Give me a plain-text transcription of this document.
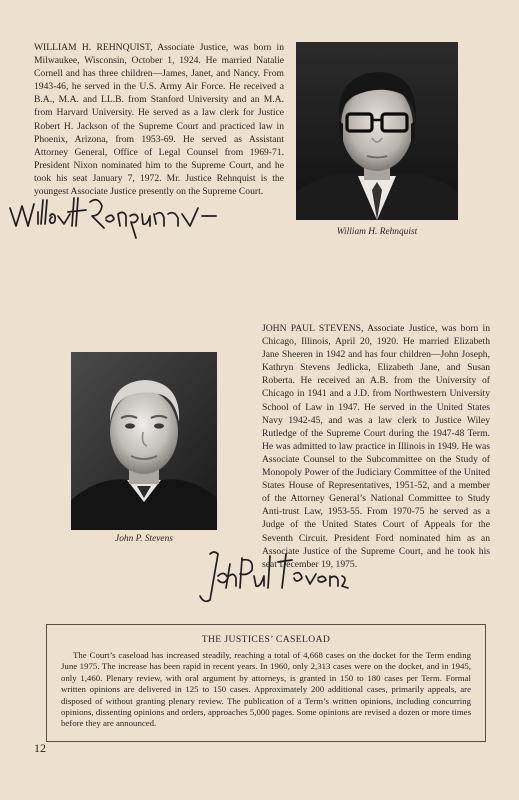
WILLIAM H. REHNQUIST, Associate Justice, was born in Milwaukee, Wisconsin, October 1, 1924. He married Natalie Cornell and has three children—James, Janet, and Nancy. From 1943-46, he served in the U.S. Army Air Force. He received a B.A., M.A. and LL.B. from Stanford University and an M.A. from Harvard University. He served as a law clerk for Justice Robert H. Jackson of the Supreme Court and practiced law in Phoenix, Arizona, from 1953-69. He served as Assistant Attorney General, Office of Legal Counsel from 1969-71. President Nixon nominated him to the Supreme Court, and he took his seat January 7, 1972. Mr. Justice Rehnquist is the youngest Associate Justice presently on the Supreme Court.

William H. Rehnquist

JOHN PAUL STEVENS, Associate Justice, was born in Chicago, Illinois, April 20, 1920. He married Elizabeth Jane Sheeren in 1942 and has four children—John Joseph, Kathryn Stevens Jedlicka, Elizabeth Jane, and Susan Roberta. He received an A.B. from the University of Chicago in 1941 and a J.D. from Northwestern University School of Law in 1947. He served in the United States Navy 1942-45, and was a law clerk to Justice Wiley Rutledge of the Supreme Court during the 1947-48 Term. He was admitted to law practice in Illinois in 1949. He was Associate Counsel to the Subcommittee on the Study of Monopoly Power of the Judiciary Committee of the United States House of Representatives, 1951-52, and a member of the Attorney General’s National Committee to Study Anti-trust Law, 1953-55. From 1970-75 he served as a Judge of the United States Court of Appeals for the Seventh Circuit. President Ford nominated him as an Associate Justice of the Supreme Court, and he took his seat December 19, 1975.

John P. Stevens
THE JUSTICES’ CASELOAD

The Court’s caseload has increased steadily, reaching a total of 4,668 cases on the docket for the Term ending June 1975. The increase has been rapid in recent years. In 1960, only 2,313 cases were on the docket, and in 1945, only 1,460. Plenary review, with oral argument by attorneys, is granted in 150 to 180 cases per Term. Formal written opinions are delivered in 125 to 150 cases. Approximately 200 additional cases, primarily appeals, are disposed of without granting plenary review. The publication of a Term’s written opinions, including concurring opinions, dissenting opinions and orders, approaches 5,000 pages. Some opinions are revised a dozen or more times before they are announced.

12
